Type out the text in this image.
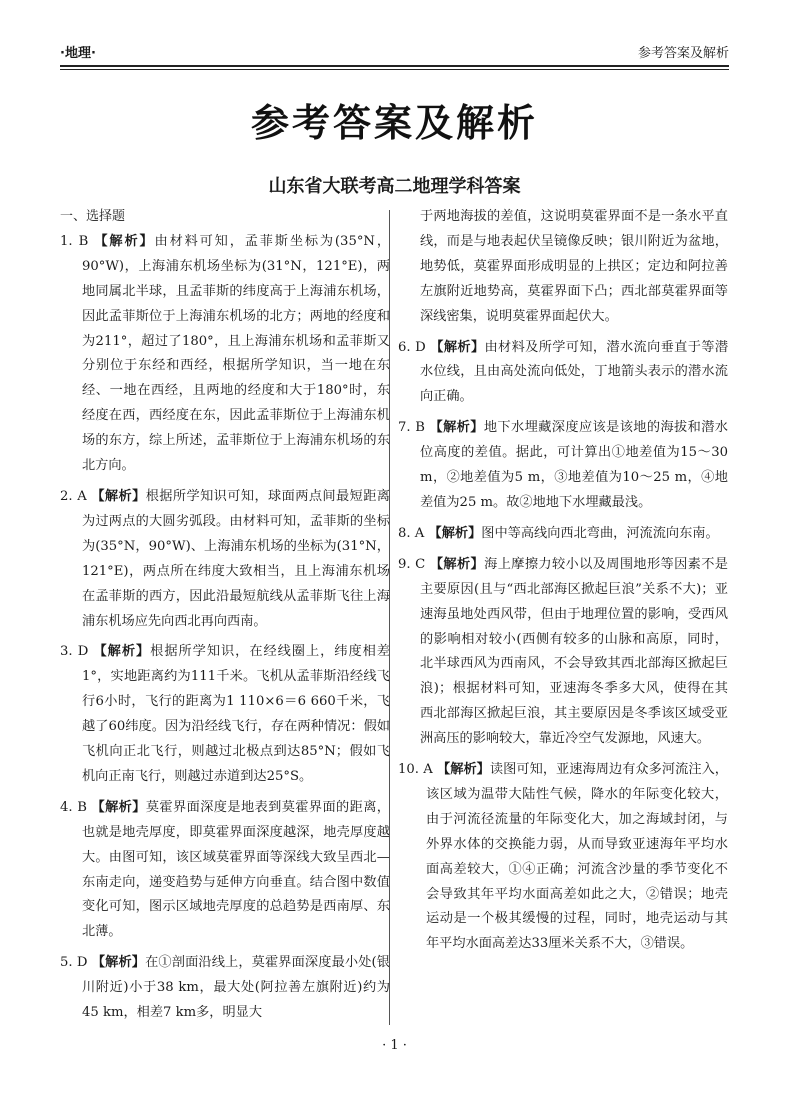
·地理·	参考答案及解析
参考答案及解析
山东省大联考高二地理学科答案
一、选择题
1. B 【解析】由材料可知，孟菲斯坐标为(35°N，90°W)，上海浦东机场坐标为(31°N，121°E)，两地同属北半球，且孟菲斯的纬度高于上海浦东机场，因此孟菲斯位于上海浦东机场的北方；两地的经度和为211°，超过了180°，且上海浦东机场和孟菲斯又分别位于东经和西经，根据所学知识，当一地在东经、一地在西经，且两地的经度和大于180°时，东经度在西，西经度在东，因此孟菲斯位于上海浦东机场的东方，综上所述，孟菲斯位于上海浦东机场的东北方向。
2. A 【解析】根据所学知识可知，球面两点间最短距离为过两点的大圆劣弧段。由材料可知，孟菲斯的坐标为(35°N，90°W)、上海浦东机场的坐标为(31°N，121°E)，两点所在纬度大致相当，且上海浦东机场在孟菲斯的西方，因此沿最短航线从孟菲斯飞往上海浦东机场应先向西北再向西南。
3. D 【解析】根据所学知识，在经线圈上，纬度相差1°，实地距离约为111千米。飞机从孟菲斯沿经线飞行6小时，飞行的距离为1 110×6＝6 660千米，飞越了60纬度。因为沿经线飞行，存在两种情况：假如飞机向正北飞行，则越过北极点到达85°N；假如飞机向正南飞行，则越过赤道到达25°S。
4. B 【解析】莫霍界面深度是地表到莫霍界面的距离，也就是地壳厚度，即莫霍界面深度越深，地壳厚度越大。由图可知，该区域莫霍界面等深线大致呈西北—东南走向，递变趋势与延伸方向垂直。结合图中数值变化可知，图示区域地壳厚度的总趋势是西南厚、东北薄。
5. D 【解析】在①剖面沿线上，莫霍界面深度最小处(银川附近)小于38 km，最大处(阿拉善左旗附近)约为45 km，相差7 km多，明显大
于两地海拔的差值，这说明莫霍界面不是一条水平直线，而是与地表起伏呈镜像反映；银川附近为盆地，地势低，莫霍界面形成明显的上拱区；定边和阿拉善左旗附近地势高，莫霍界面下凸；西北部莫霍界面等深线密集，说明莫霍界面起伏大。
6. D 【解析】由材料及所学可知，潜水流向垂直于等潜水位线，且由高处流向低处，丁地箭头表示的潜水流向正确。
7. B 【解析】地下水埋藏深度应该是该地的海拔和潜水位高度的差值。据此，可计算出①地差值为15～30 m，②地差值为5 m，③地差值为10～25 m，④地差值为25 m。故②地地下水埋藏最浅。
8. A 【解析】图中等高线向西北弯曲，河流流向东南。
9. C 【解析】海上摩擦力较小以及周围地形等因素不是主要原因(且与“西北部海区掀起巨浪”关系不大)；亚速海虽地处西风带，但由于地理位置的影响，受西风的影响相对较小(西侧有较多的山脉和高原，同时，北半球西风为西南风，不会导致其西北部海区掀起巨浪)；根据材料可知，亚速海冬季多大风，使得在其西北部海区掀起巨浪，其主要原因是冬季该区域受亚洲高压的影响较大，靠近冷空气发源地，风速大。
10. A 【解析】读图可知，亚速海周边有众多河流注入，该区域为温带大陆性气候，降水的年际变化较大，由于河流径流量的年际变化大，加之海域封闭，与外界水体的交换能力弱，从而导致亚速海年平均水面高差较大，①④正确；河流含沙量的季节变化不会导致其年平均水面高差如此之大，②错误；地壳运动是一个极其缓慢的过程，同时，地壳运动与其年平均水面高差达33厘米关系不大，③错误。
· 1 ·
